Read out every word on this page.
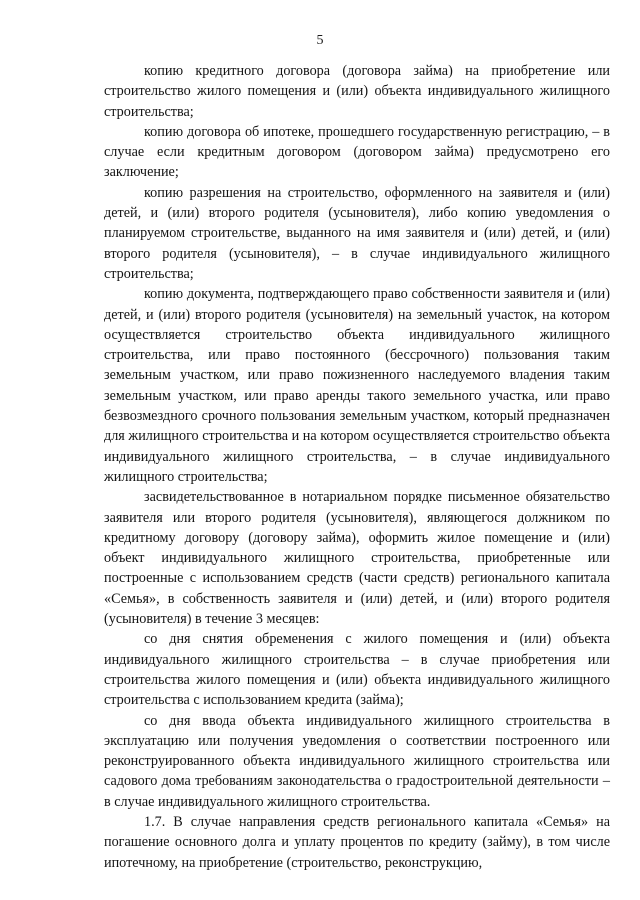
5

копию кредитного договора (договора займа) на приобретение или строительство жилого помещения и (или) объекта индивидуального жилищного строительства;

копию договора об ипотеке, прошедшего государственную регистрацию, – в случае если кредитным договором (договором займа) предусмотрено его заключение;

копию разрешения на строительство, оформленного на заявителя и (или) детей, и (или) второго родителя (усыновителя), либо копию уведомления о планируемом строительстве, выданного на имя заявителя и (или) детей, и (или) второго родителя (усыновителя), – в случае индивидуального жилищного строительства;

копию документа, подтверждающего право собственности заявителя и (или) детей, и (или) второго родителя (усыновителя) на земельный участок, на котором осуществляется строительство объекта индивидуального жилищного строительства, или право постоянного (бессрочного) пользования таким земельным участком, или право пожизненного наследуемого владения таким земельным участком, или право аренды такого земельного участка, или право безвозмездного срочного пользования земельным участком, который предназначен для жилищного строительства и на котором осуществляется строительство объекта индивидуального жилищного строительства, – в случае индивидуального жилищного строительства;

засвидетельствованное в нотариальном порядке письменное обязательство заявителя или второго родителя (усыновителя), являющегося должником по кредитному договору (договору займа), оформить жилое помещение и (или) объект индивидуального жилищного строительства, приобретенные или построенные с использованием средств (части средств) регионального капитала «Семья», в собственность заявителя и (или) детей, и (или) второго родителя (усыновителя) в течение 3 месяцев:

со дня снятия обременения с жилого помещения и (или) объекта индивидуального жилищного строительства – в случае приобретения или строительства жилого помещения и (или) объекта индивидуального жилищного строительства с использованием кредита (займа);

со дня ввода объекта индивидуального жилищного строительства в эксплуатацию или получения уведомления о соответствии построенного или реконструированного объекта индивидуального жилищного строительства или садового дома требованиям законодательства о градостроительной деятельности – в случае индивидуального жилищного строительства.

1.7. В случае направления средств регионального капитала «Семья» на погашение основного долга и уплату процентов по кредиту (займу), в том числе ипотечному, на приобретение (строительство, реконструкцию,
